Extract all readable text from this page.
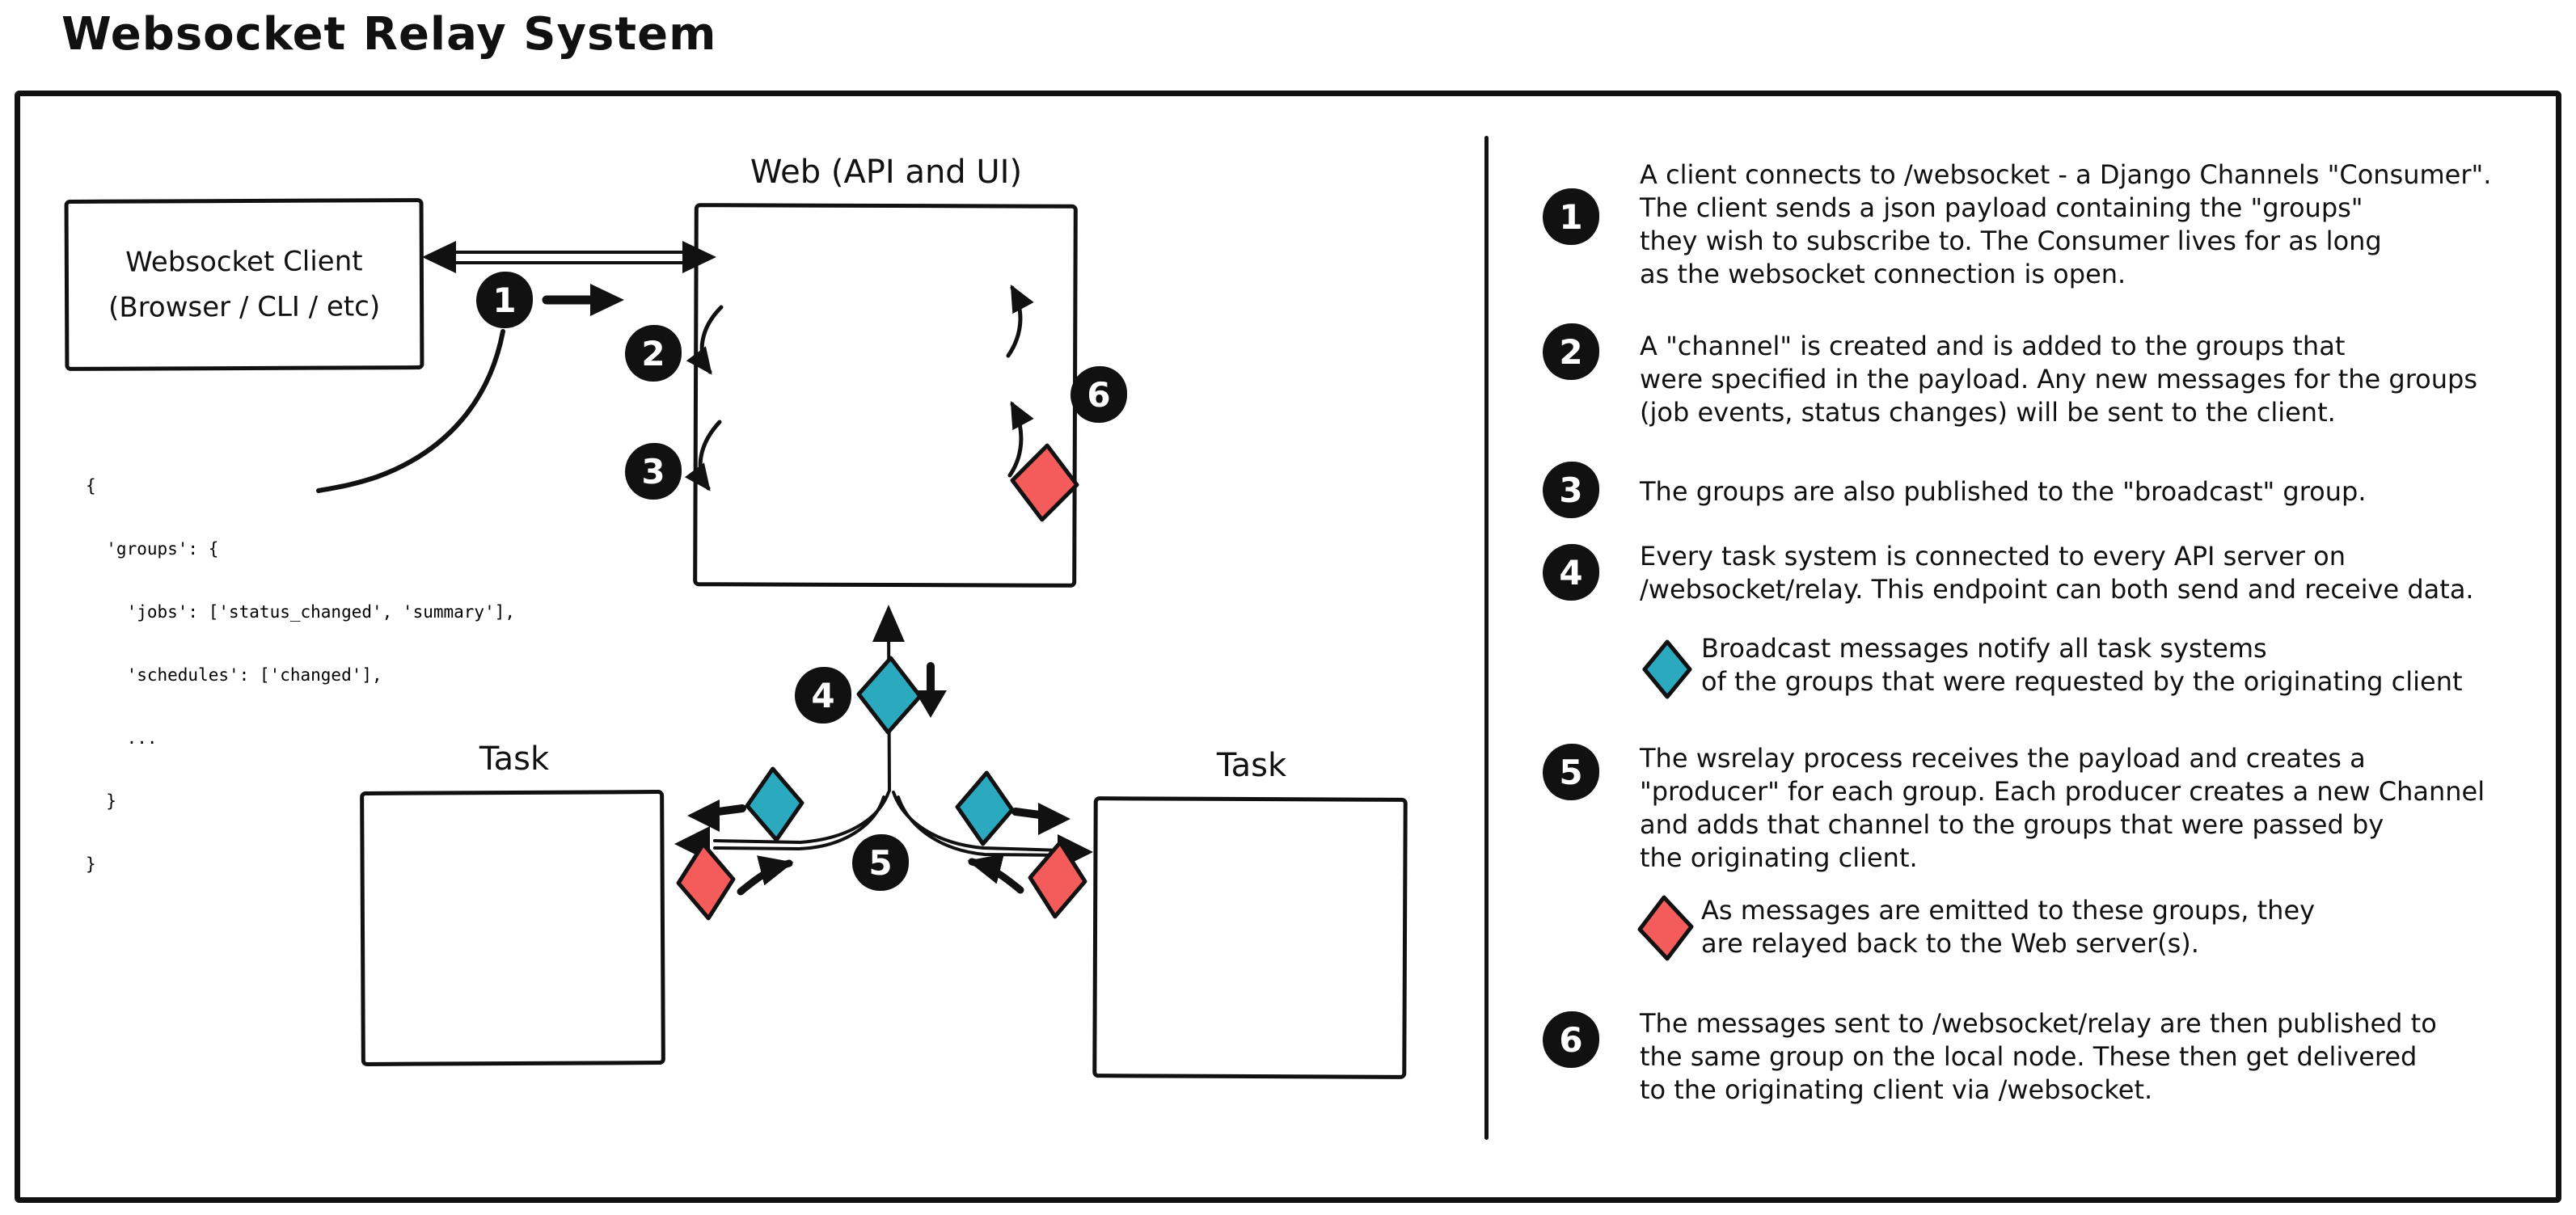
Websocket Relay System
Websocket Client
(Browser / CLI / etc)

{

'groups': {

'jobs': ['status_changed', 'summary'],

'schedules': ['changed'],

...

}

}

Web (API and UI)
Task	Task
1
2
3
4
5
6
1
A client connects to /websocket - a Django Channels "Consumer".
The client sends a json payload containing the "groups"
they wish to subscribe to. The Consumer lives for as long
as the websocket connection is open.
2	A "channel" is created and is added to the groups that
were specified in the payload. Any new messages for the groups
(job events, status changes) will be sent to the client.
3	The groups are also published to the "broadcast" group.
4	Every task system is connected to every API server on
/websocket/relay. This endpoint can both send and receive data.
Broadcast messages notify all task systems
of the groups that were requested by the originating client
5	The wsrelay process receives the payload and creates a
"producer" for each group. Each producer creates a new Channel
and adds that channel to the groups that were passed by
the originating client.
As messages are emitted to these groups, they
are relayed back to the Web server(s).
6	The messages sent to /websocket/relay are then published to
the same group on the local node. These then get delivered
to the originating client via /websocket.
